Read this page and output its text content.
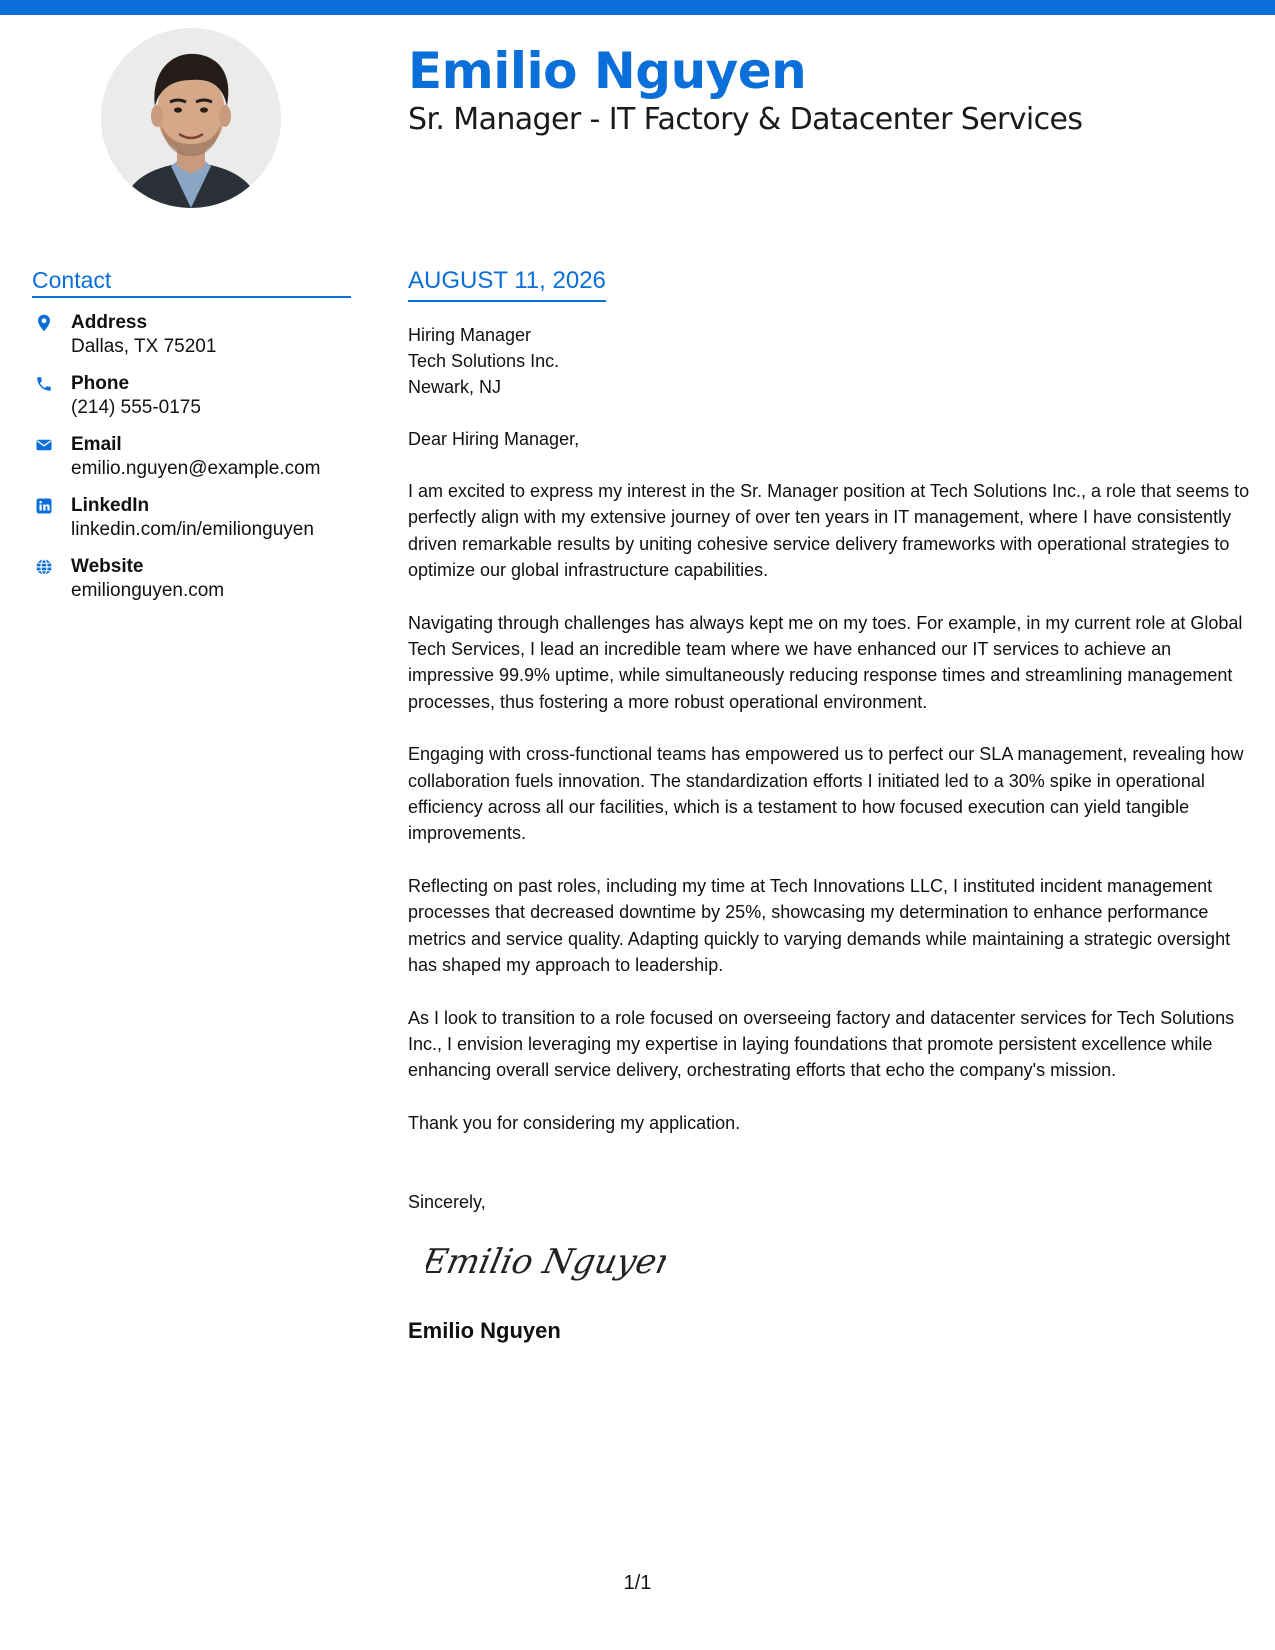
Emilio Nguyen
Sr. Manager - IT Factory & Datacenter Services
Contact
Address
Dallas, TX 75201
Phone
(214) 555-0175
Email
emilio.nguyen@example.com
LinkedIn
linkedin.com/in/emilionguyen
Website
emilionguyen.com
AUGUST 11, 2026
Hiring Manager
Tech Solutions Inc.
Newark, NJ
Dear Hiring Manager,
I am excited to express my interest in the Sr. Manager position at Tech Solutions Inc., a role that seems to perfectly align with my extensive journey of over ten years in IT management, where I have consistently driven remarkable results by uniting cohesive service delivery frameworks with operational strategies to optimize our global infrastructure capabilities.
Navigating through challenges has always kept me on my toes. For example, in my current role at Global Tech Services, I lead an incredible team where we have enhanced our IT services to achieve an impressive 99.9% uptime, while simultaneously reducing response times and streamlining management processes, thus fostering a more robust operational environment.
Engaging with cross-functional teams has empowered us to perfect our SLA management, revealing how collaboration fuels innovation. The standardization efforts I initiated led to a 30% spike in operational efficiency across all our facilities, which is a testament to how focused execution can yield tangible improvements.
Reflecting on past roles, including my time at Tech Innovations LLC, I instituted incident management processes that decreased downtime by 25%, showcasing my determination to enhance performance metrics and service quality. Adapting quickly to varying demands while maintaining a strategic oversight has shaped my approach to leadership.
As I look to transition to a role focused on overseeing factory and datacenter services for Tech Solutions Inc., I envision leveraging my expertise in laying foundations that promote persistent excellence while enhancing overall service delivery, orchestrating efforts that echo the company's mission.
Thank you for considering my application.
Sincerely,
Emilio Nguyen
Emilio Nguyen
1/1
